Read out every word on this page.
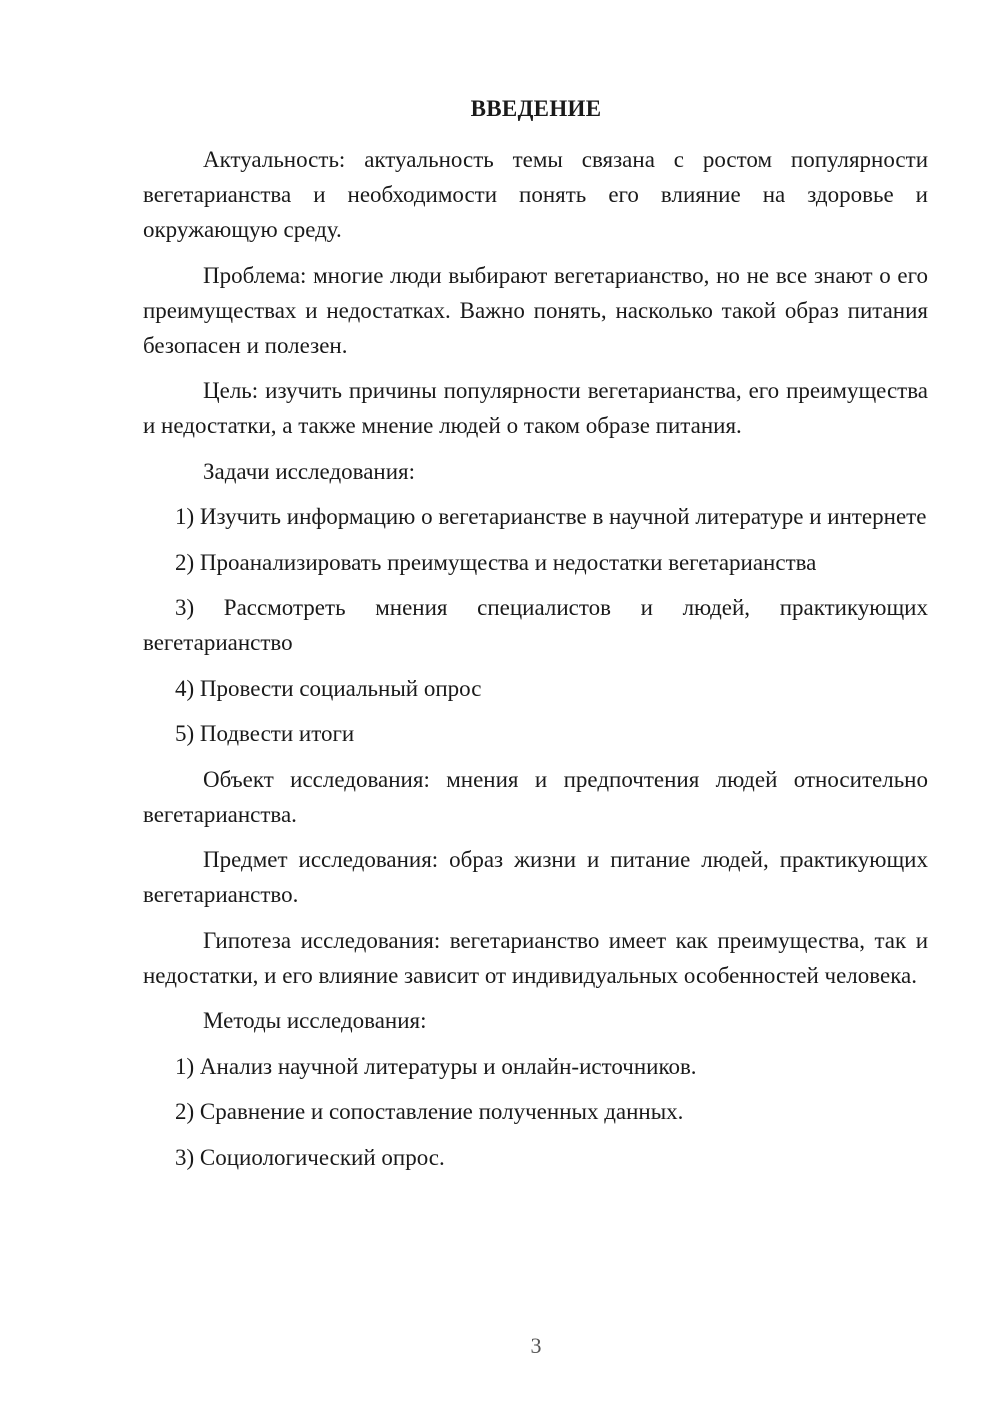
ВВЕДЕНИЕ

Актуальность: актуальность темы связана с ростом популярности вегетарианства и необходимости понять его влияние на здоровье и окружающую среду.

Проблема: многие люди выбирают вегетарианство, но не все знают о его преимуществах и недостатках. Важно понять, насколько такой образ питания безопасен и полезен.

Цель: изучить причины популярности вегетарианства, его преимущества и недостатки, а также мнение людей о таком образе питания.

Задачи исследования:

1) Изучить информацию о вегетарианстве в научной литературе и интернете

2) Проанализировать преимущества и недостатки вегетарианства

3) Рассмотреть мнения специалистов и людей, практикующих вегетарианство

4) Провести социальный опрос

5) Подвести итоги

Объект исследования: мнения и предпочтения людей относительно вегетарианства.

Предмет исследования: образ жизни и питание людей, практикующих вегетарианство.

Гипотеза исследования: вегетарианство имеет как преимущества, так и недостатки, и его влияние зависит от индивидуальных особенностей человека.

Методы исследования:

1) Анализ научной литературы и онлайн-источников.

2) Сравнение и сопоставление полученных данных.

3) Социологический опрос.

3
